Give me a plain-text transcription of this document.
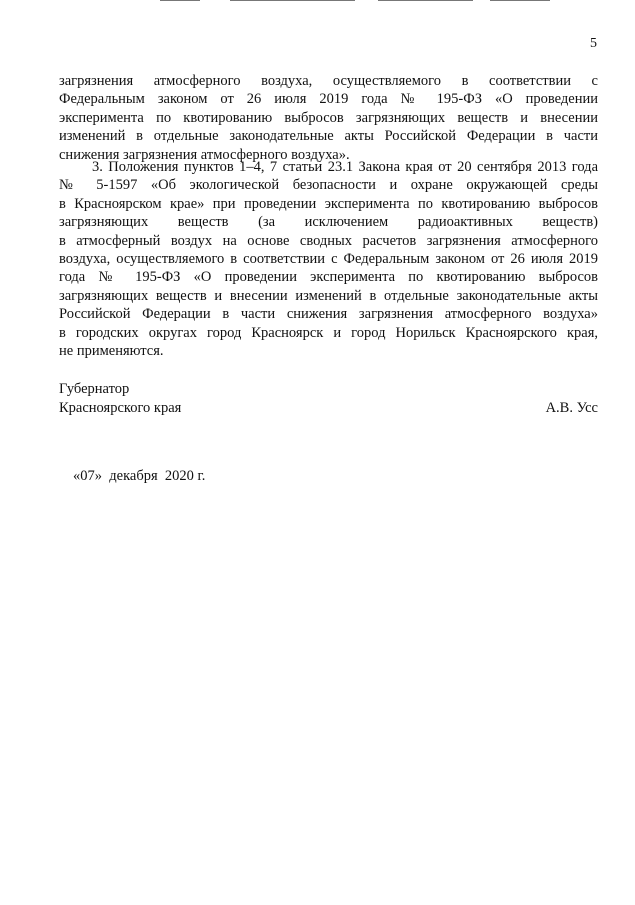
5
загрязнения атмосферного воздуха, осуществляемого в соответствии с
Федеральным законом от 26 июля 2019 года № 195-ФЗ «О проведении
эксперимента по квотированию выбросов загрязняющих веществ и внесении
изменений в отдельные законодательные акты Российской Федерации в части
снижения загрязнения атмосферного воздуха».
3. Положения пунктов 1–4, 7 статьи 23.1 Закона края от 20 сентября 2013 года
№ 5-1597 «Об экологической безопасности и охране окружающей среды
в Красноярском крае» при проведении эксперимента по квотированию выбросов
загрязняющих веществ (за исключением радиоактивных веществ)
в атмосферный воздух на основе сводных расчетов загрязнения атмосферного
воздуха, осуществляемого в соответствии с Федеральным законом от 26 июля 2019
года № 195-ФЗ «О проведении эксперимента по квотированию выбросов
загрязняющих веществ и внесении изменений в отдельные законодательные акты
Российской Федерации в части снижения загрязнения атмосферного воздуха»
в городских округах город Красноярск и город Норильск Красноярского края,
не применяются.
Губернатор
Красноярского края	А.В. Усс
«07»  декабря  2020 г.
